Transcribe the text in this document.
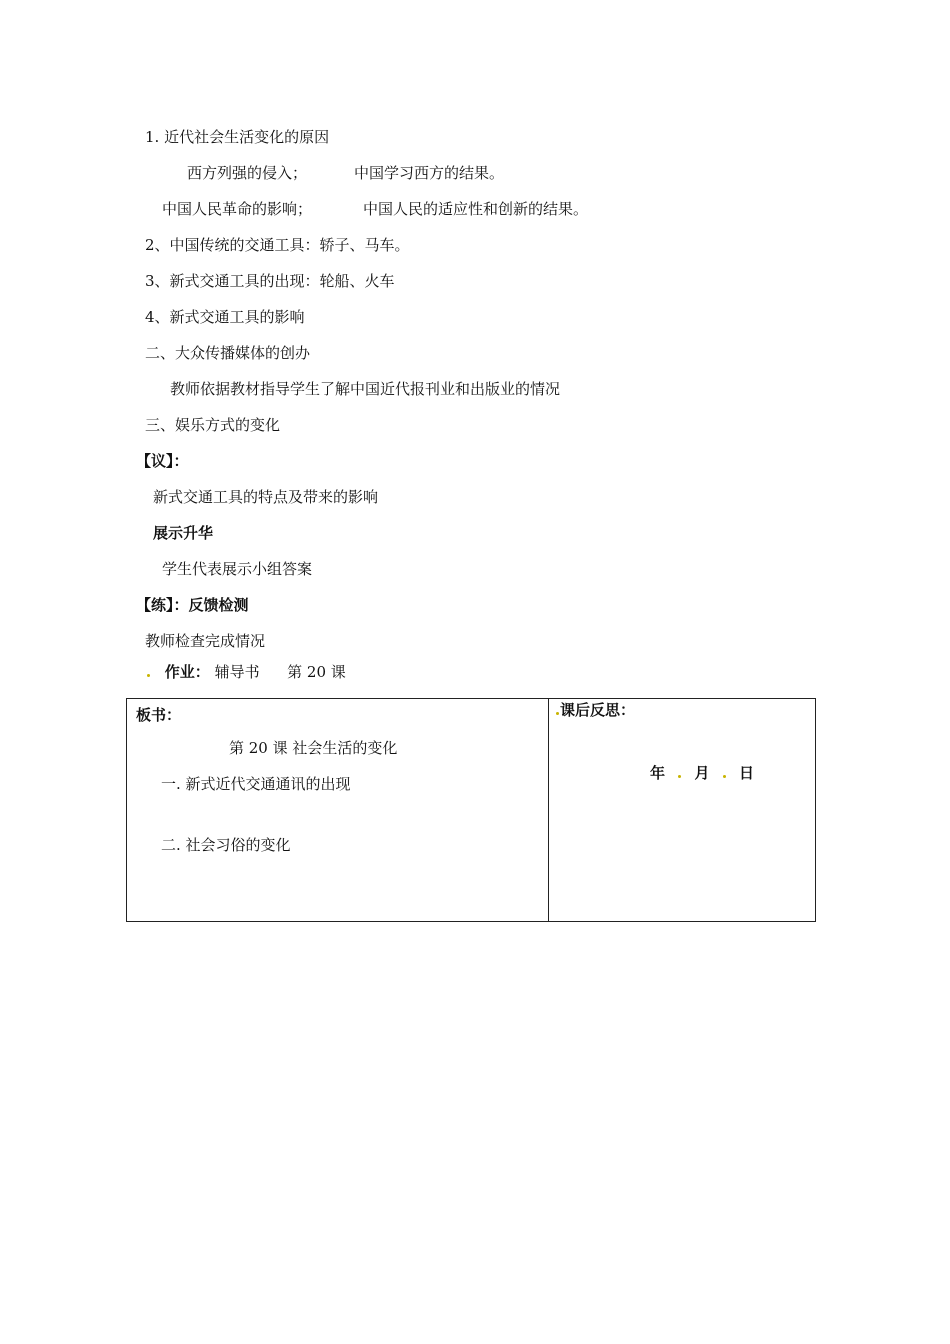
1. 近代社会生活变化的原因
西方列强的侵入；	中国学习西方的结果。
中国人民革命的影响；	中国人民的适应性和创新的结果。
2、中国传统的交通工具：轿子、马车。
3、新式交通工具的出现：轮船、火车
4、新式交通工具的影响
二、大众传播媒体的创办
教师依据教材指导学生了解中国近代报刊业和出版业的情况
三、娱乐方式的变化
【议】：
新式交通工具的特点及带来的影响
展示升华
学生代表展示小组答案
【练】：反馈检测
教师检查完成情况
作业： 辅导书 第 20 课
板书：
第 20 课 社会生活的变化
一. 新式近代交通通讯的出现
二. 社会习俗的变化

课后反思：
年 月 日
